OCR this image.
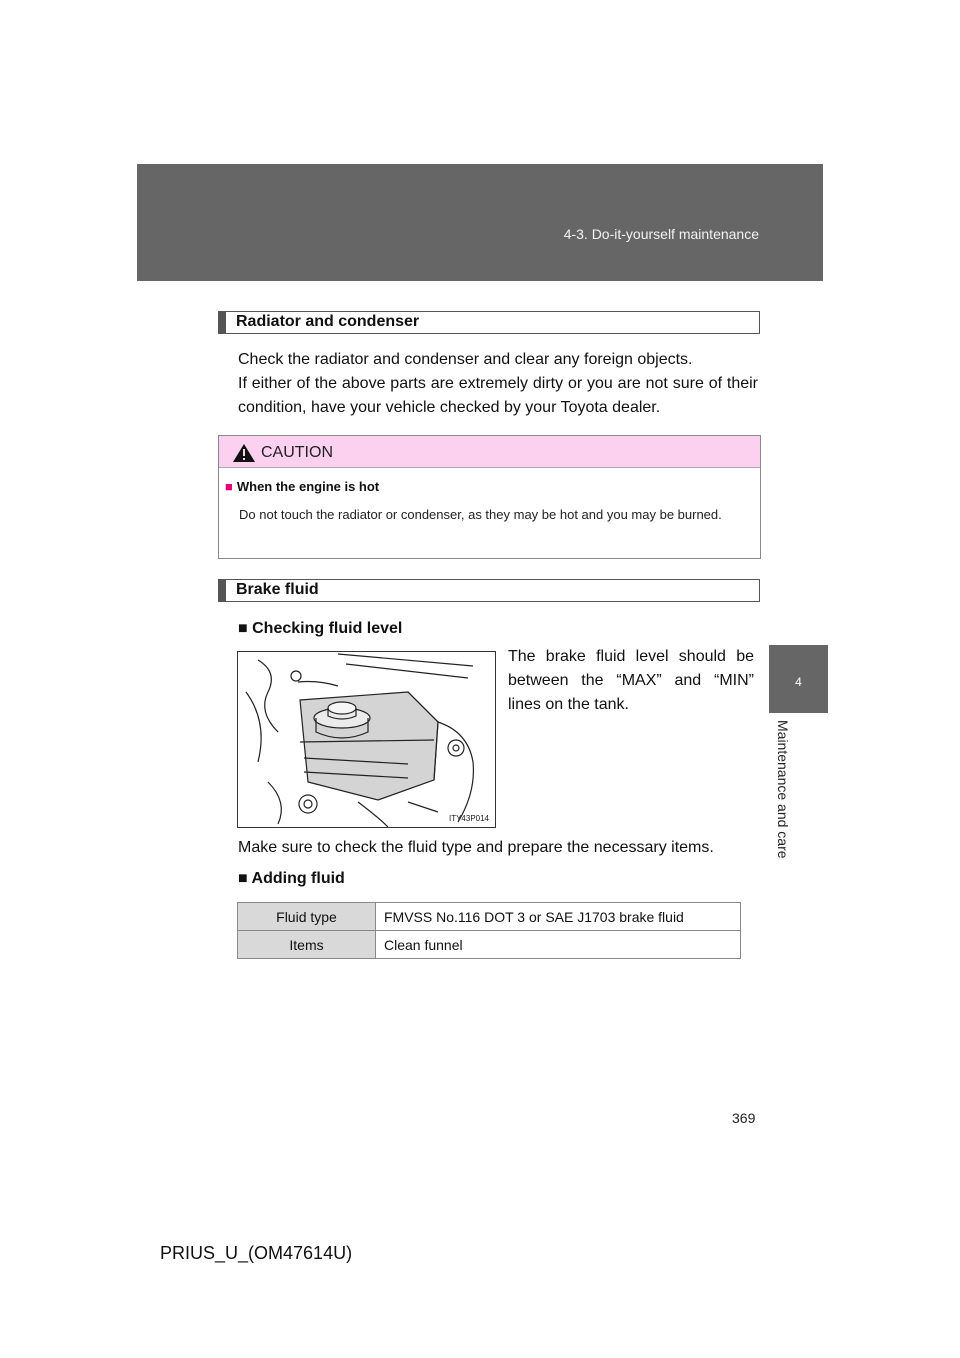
4-3. Do-it-yourself maintenance
4
Maintenance and care
Radiator and condenser
Check the radiator and condenser and clear any foreign objects.
If either of the above parts are extremely dirty or you are not sure of their condition, have your vehicle checked by your Toyota dealer.
CAUTION
■ When the engine is hot
Do not touch the radiator or condenser, as they may be hot and you may be burned.
Brake fluid
■ Checking fluid level
ITY43P014
The brake fluid level should be between the “MAX” and “MIN” lines on the tank.
Make sure to check the fluid type and prepare the necessary items.
■ Adding fluid
Fluid type	FMVSS No.116 DOT 3 or SAE J1703 brake fluid
Items	Clean funnel
369
PRIUS_U_(OM47614U)
